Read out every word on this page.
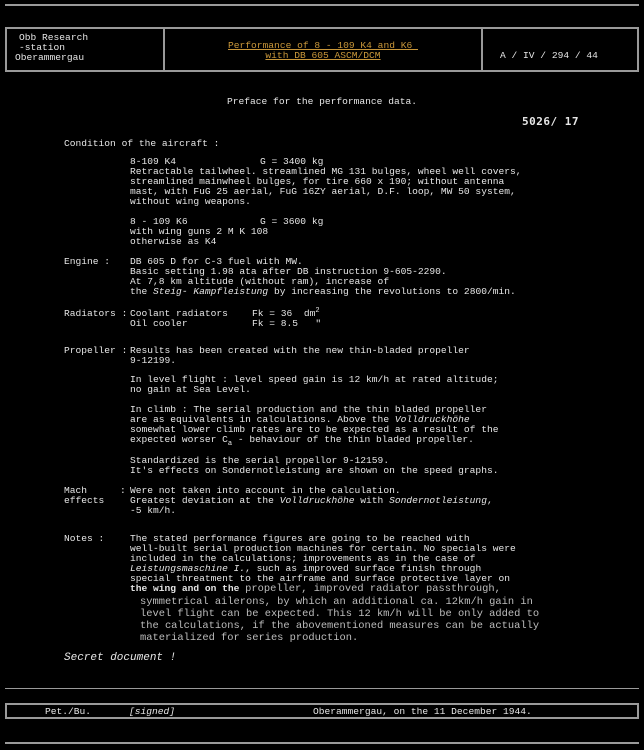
Obb Research
-station
Oberammergau
Performance of 8 - 109 K4 and K6
with DB 605 ASCM/DCM	A / IV / 294 / 44
Preface for the performance data.
5026/ 17
Condition of the aircraft :
8-109 K4	G = 3400 kg
Retractable tailwheel. streamlined MG 131 bulges, wheel well covers,
streamlined mainwheel bulges, for tire 660 x 190; without antenna
mast, with FuG 25 aerial, FuG 16ZY aerial, D.F. loop, MW 50 system,
without wing weapons.
8 - 109 K6	G = 3600 kg
with wing guns 2 M K 108
otherwise as K4
Engine : DB 605 D for C-3 fuel with MW.
Basic setting 1.98 ata after DB instruction 9-605-2290.
At 7,8 km altitude (without ram), increase of
the Steig- Kampfleistung by increasing the revolutions to 2800/min.
Radiators : Coolant radiators	Fk = 36  $dm^2$
Oil cooler	Fk = 8.5   "
Propeller : Results has been created with the new thin-bladed propeller
9-12199.
In level flight : level speed gain is 12 km/h at rated altitude;
no gain at Sea Level.
In climb : The serial production and the thin bladed propeller
are as equivalents in calculations. Above the Volldruckhöhe
somewhat lower climb rates are to be expected as a result of the
expected worser $C_a$ - behaviour of the thin bladed propeller.
Standardized is the serial propellor 9-12159.
It's effects on Sondernotleistung are shown on the speed graphs.
Mach
effects
: Were not taken into account in the calculation.
Greatest deviation at the Volldruckhöhe with Sondernotleistung,
-5 km/h.
Notes :	The stated performance figures are going to be reached with
well-built serial production machines for certain. No specials were
included in the calculations; improvements as in the case of
Leistungsmaschine I., such as improved surface finish through
special threatment to the airframe and surface protective layer on
the wing and on the propeller, improved radiator passthrough,
symmetrical ailerons, by which an additional ca. 12km/h gain in
level flight can be expected. This 12 km/h will be only added to
the calculations, if the abovementioned measures can be actually
materialized for series production.
Secret document !
Pet./Bu.	[signed]	Oberammergau, on the 11 December 1944.
